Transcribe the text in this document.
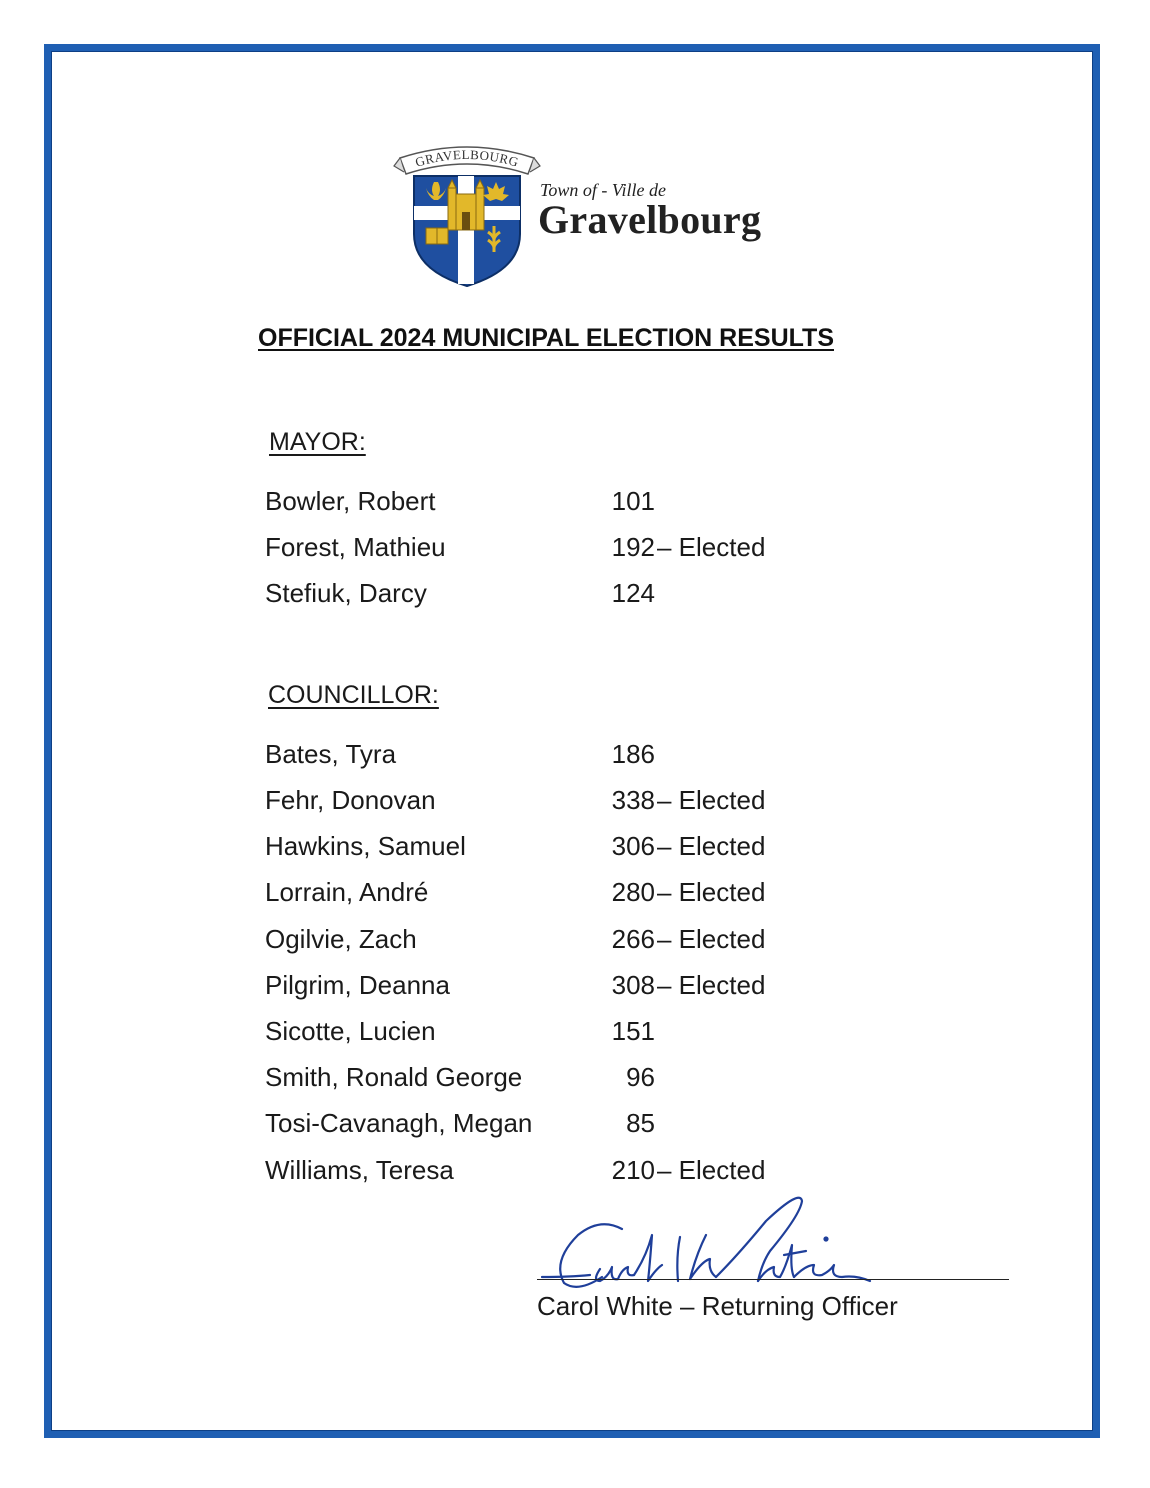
GRAVELBOURG
Town of - Ville de
Gravelbourg
OFFICIAL 2024 MUNICIPAL ELECTION RESULTS
MAYOR:
Bowler, Robert	101
Forest, Mathieu	192 – Elected
Stefiuk, Darcy	124
COUNCILLOR:
Bates, Tyra	186
Fehr, Donovan	338 – Elected
Hawkins, Samuel	306 – Elected
Lorrain, André	280 – Elected
Ogilvie, Zach	266 – Elected
Pilgrim, Deanna	308 – Elected
Sicotte, Lucien	151
Smith, Ronald George	96
Tosi-Cavanagh, Megan	85
Williams, Teresa	210 – Elected
Carol White – Returning Officer
